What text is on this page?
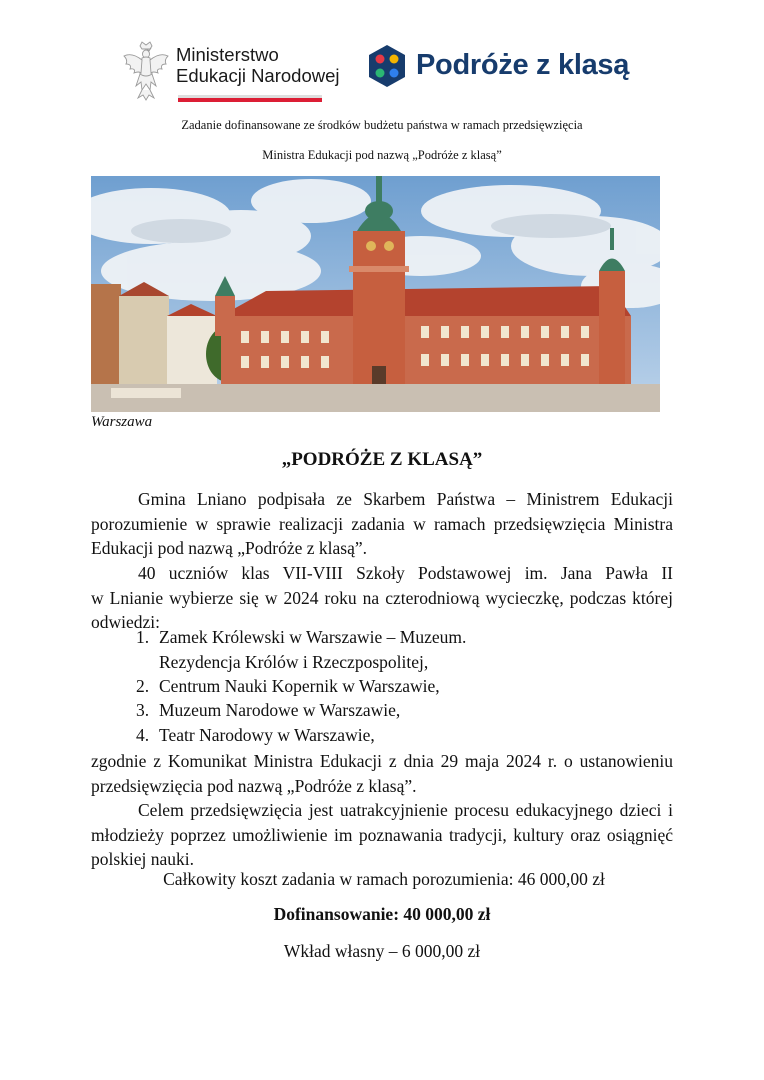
Ministerstwo
Edukacji Narodowej	Podróże z klasą
Zadanie dofinansowane ze środków budżetu państwa w ramach przedsięwzięcia
Ministra Edukacji pod nazwą „Podróże z klasą”
Warszawa
„PODRÓŻE Z KLASĄ”
Gmina Lniano podpisała ze Skarbem Państwa – Ministrem Edukacji
porozumienie w sprawie realizacji zadania w ramach przedsięwzięcia Ministra
Edukacji pod nazwą „Podróże z klasą”.
40 uczniów klas VII-VIII Szkoły Podstawowej im. Jana Pawła II
w Lnianie wybierze się w 2024 roku na czterodniową wycieczkę, podczas której
odwiedzi:
1. Zamek Królewski w Warszawie – Muzeum.
Rezydencja Królów i Rzeczpospolitej,
2. Centrum Nauki Kopernik w Warszawie,
3. Muzeum Narodowe w Warszawie,
4. Teatr Narodowy w Warszawie,
zgodnie z Komunikat Ministra Edukacji z dnia 29 maja 2024 r. o ustanowieniu
przedsięwzięcia pod nazwą „Podróże z klasą”.
Celem przedsięwzięcia jest uatrakcyjnienie procesu edukacyjnego dzieci i
młodzieży poprzez umożliwienie im poznawania tradycji, kultury oraz osiągnięć
polskiej nauki.
Całkowity koszt zadania w ramach porozumienia: 46 000,00 zł
Dofinansowanie: 40 000,00 zł
Wkład własny – 6 000,00 zł
